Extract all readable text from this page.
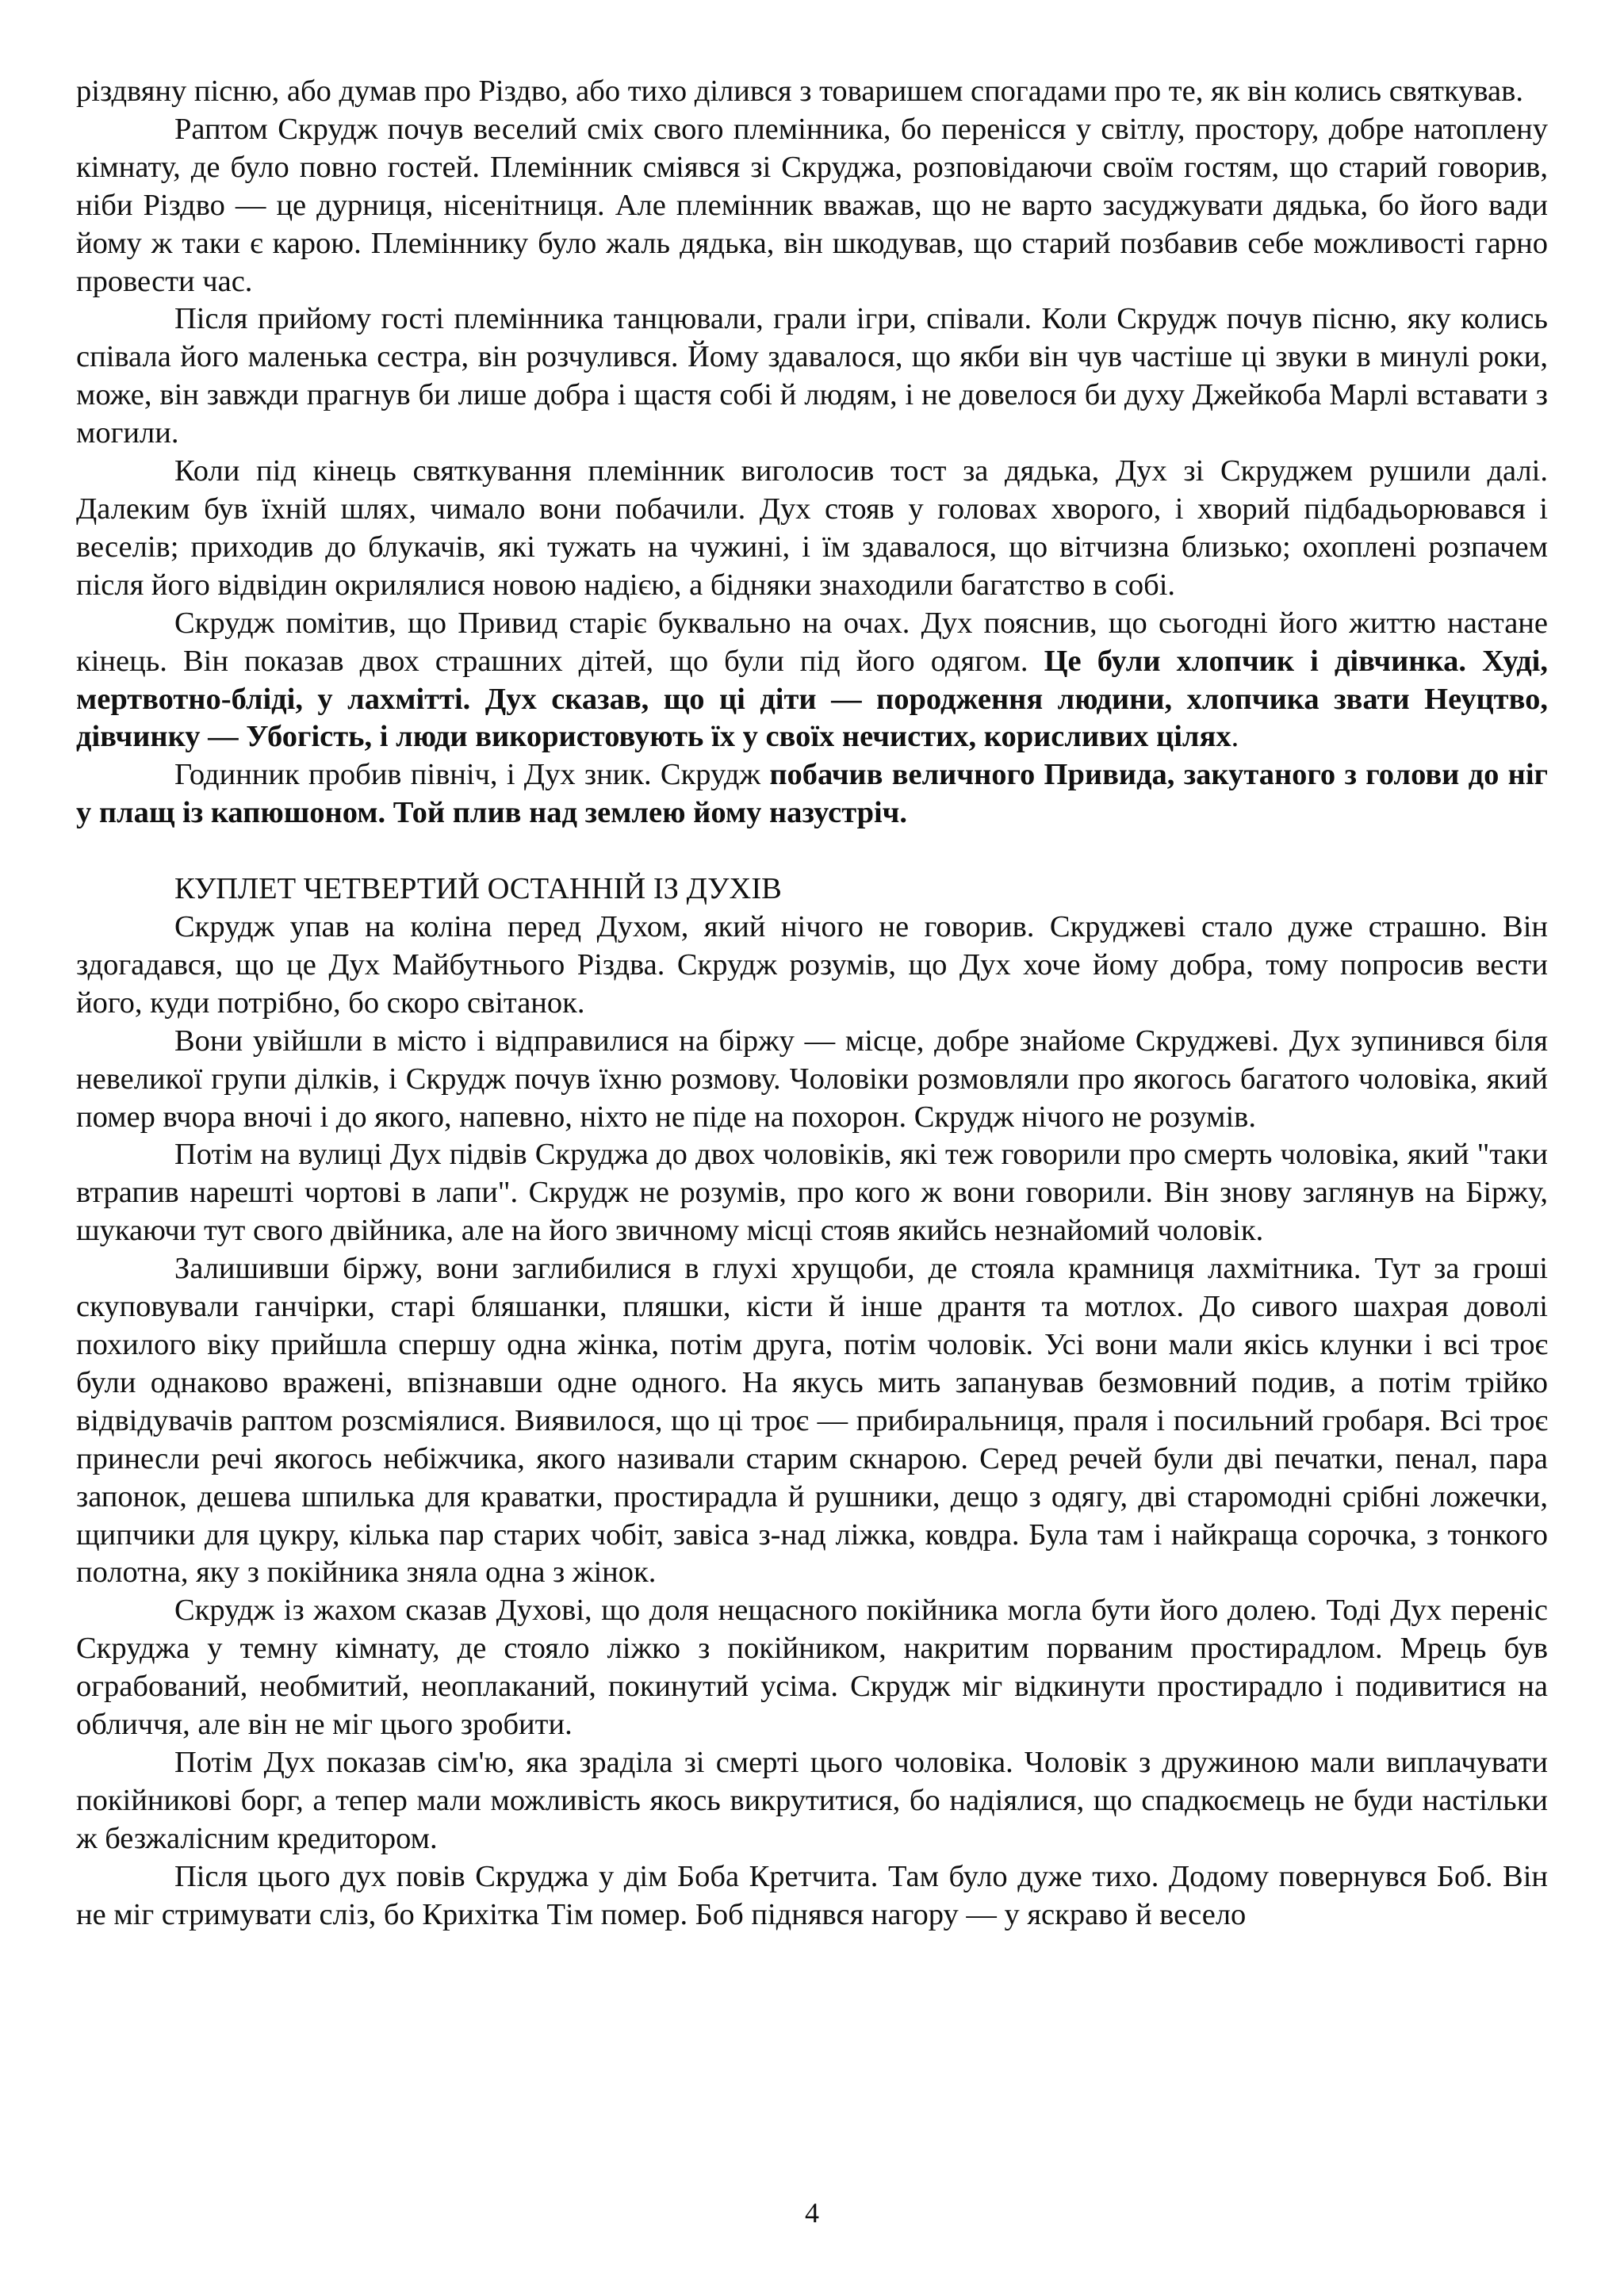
різдвяну пісню, або думав про Різдво, або тихо ділився з товаришем спогадами про те, як він колись святкував.

Раптом Скрудж почув веселий сміх свого племінника, бо перенісся у світлу, простору, добре натоплену кімнату, де було повно гостей. Племінник сміявся зі Скруджа, розповідаючи своїм гостям, що старий говорив, ніби Різдво — це дурниця, нісенітниця. Але племінник вважав, що не варто засуджувати дядька, бо його вади йому ж таки є карою. Племіннику було жаль дядька, він шкодував, що старий позбавив себе можливості гарно провести час.

Після прийому гості племінника танцювали, грали ігри, співали. Коли Скрудж почув пісню, яку колись співала його маленька сестра, він розчулився. Йому здавалося, що якби він чув частіше ці звуки в минулі роки, може, він завжди прагнув би лише добра і щастя собі й людям, і не довелося би духу Джейкоба Марлі вставати з могили.

Коли під кінець святкування племінник виголосив тост за дядька, Дух зі Скруджем рушили далі. Далеким був їхній шлях, чимало вони побачили. Дух стояв у головах хворого, і хворий підбадьорювався і веселів; приходив до блукачів, які тужать на чужині, і їм здавалося, що вітчизна близько; охоплені розпачем після його відвідин окрилялися новою надією, а бідняки знаходили багатство в собі.

Скрудж помітив, що Привид старіє буквально на очах. Дух пояснив, що сьогодні його життю настане кінець. Він показав двох страшних дітей, що були під його одягом. Це були хлопчик і дівчинка. Худі, мертвотно-бліді, у лахмітті. Дух сказав, що ці діти — породження людини, хлопчика звати Неуцтво, дівчинку — Убогість, і люди використовують їх у своїх нечистих, корисливих цілях.

Годинник пробив північ, і Дух зник. Скрудж побачив величного Привида, закутаного з голови до ніг у плащ із капюшоном. Той плив над землею йому назустріч.

КУПЛЕТ ЧЕТВЕРТИЙ ОСТАННІЙ ІЗ ДУХІВ

Скрудж упав на коліна перед Духом, який нічого не говорив. Скруджеві стало дуже страшно. Він здогадався, що це Дух Майбутнього Різдва. Скрудж розумів, що Дух хоче йому добра, тому попросив вести його, куди потрібно, бо скоро світанок.

Вони увійшли в місто і відправилися на біржу — місце, добре знайоме Скруджеві. Дух зупинився біля невеликої групи ділків, і Скрудж почув їхню розмову. Чоловіки розмовляли про якогось багатого чоловіка, який помер вчора вночі і до якого, напевно, ніхто не піде на похорон. Скрудж нічого не розумів.

Потім на вулиці Дух підвів Скруджа до двох чоловіків, які теж говорили про смерть чоловіка, який "таки втрапив нарешті чортові в лапи". Скрудж не розумів, про кого ж вони говорили. Він знову заглянув на Біржу, шукаючи тут свого двійника, але на його звичному місці стояв якийсь незнайомий чоловік.

Залишивши біржу, вони заглибилися в глухі хрущоби, де стояла крамниця лахмітника. Тут за гроші скуповували ганчірки, старі бляшанки, пляшки, кісти й інше дрантя та мотлох. До сивого шахрая доволі похилого віку прийшла спершу одна жінка, потім друга, потім чоловік. Усі вони мали якісь клунки і всі троє були однаково вражені, впізнавши одне одного. На якусь мить запанував безмовний подив, а потім трійко відвідувачів раптом розсміялися. Виявилося, що ці троє — прибиральниця, праля і посильний гробаря. Всі троє принесли речі якогось небіжчика, якого називали старим скнарою. Серед речей були дві печатки, пенал, пара запонок, дешева шпилька для краватки, простирадла й рушники, дещо з одягу, дві старомодні срібні ложечки, щипчики для цукру, кілька пар старих чобіт, завіса з-над ліжка, ковдра. Була там і найкраща сорочка, з тонкого полотна, яку з покійника зняла одна з жінок.

Скрудж із жахом сказав Духові, що доля нещасного покійника могла бути його долею. Тоді Дух переніс Скруджа у темну кімнату, де стояло ліжко з покійником, накритим порваним простирадлом. Мрець був ограбований, необмитий, неоплаканий, покинутий усіма. Скрудж міг відкинути простирадло і подивитися на обличчя, але він не міг цього зробити.

Потім Дух показав сім'ю, яка зраділа зі смерті цього чоловіка. Чоловік з дружиною мали виплачувати покійникові борг, а тепер мали можливість якось викрутитися, бо надіялися, що спадкоємець не буди настільки ж безжалісним кредитором.

Після цього дух повів Скруджа у дім Боба Кретчита. Там було дуже тихо. Додому повернувся Боб. Він не міг стримувати сліз, бо Крихітка Тім помер. Боб піднявся нагору — у яскраво й весело

4
